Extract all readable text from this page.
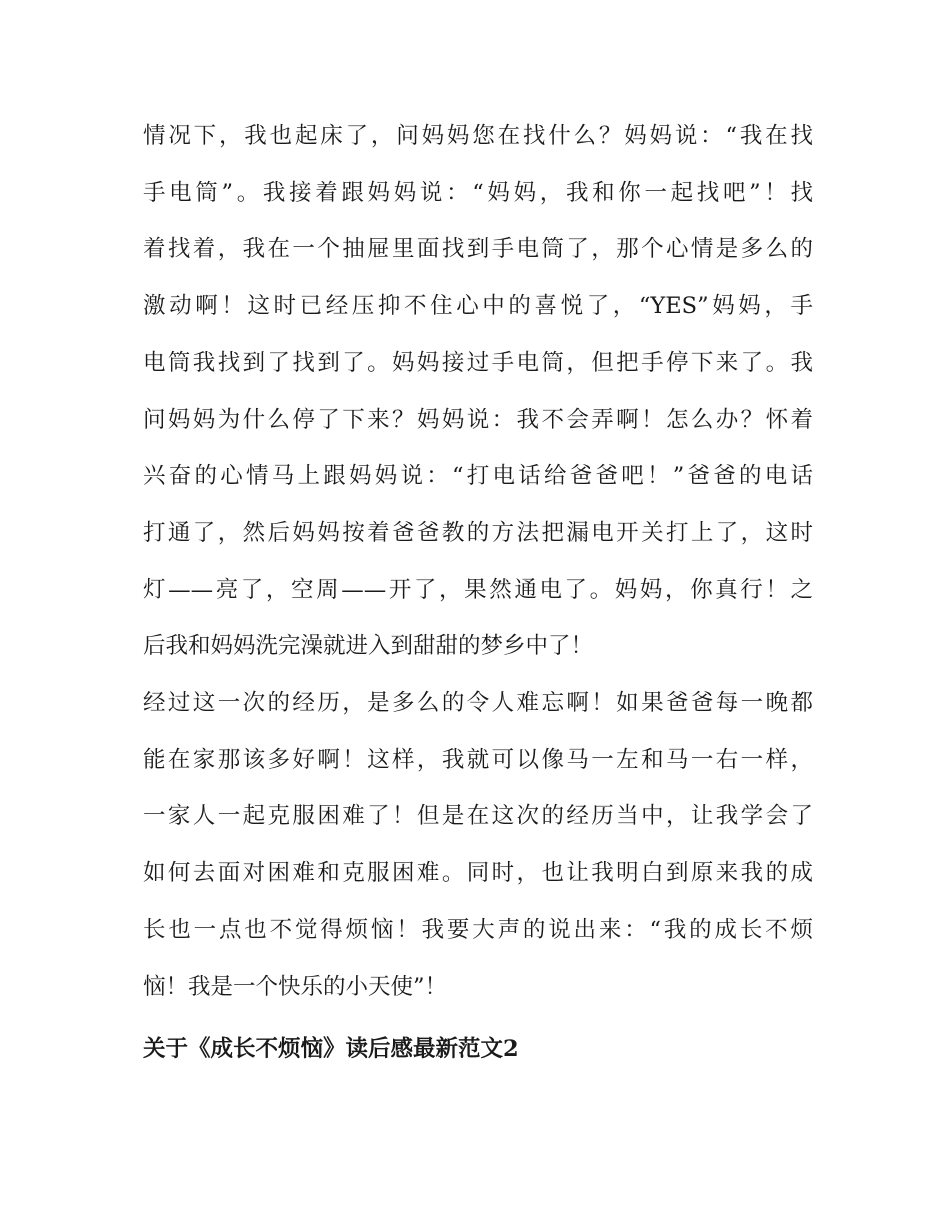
情况下，我也起床了，问妈妈您在找什么？妈妈说：“我在找
手电筒”。我接着跟妈妈说：“妈妈，我和你一起找吧”！找
着找着，我在一个抽屉里面找到手电筒了，那个心情是多么的
激动啊！这时已经压抑不住心中的喜悦了，“YES”妈妈，手
电筒我找到了找到了。妈妈接过手电筒，但把手停下来了。我
问妈妈为什么停了下来？妈妈说：我不会弄啊！怎么办？怀着
兴奋的心情马上跟妈妈说：“打电话给爸爸吧！”爸爸的电话
打通了，然后妈妈按着爸爸教的方法把漏电开关打上了，这时
灯——亮了，空周——开了，果然通电了。妈妈，你真行！之
后我和妈妈洗完澡就进入到甜甜的梦乡中了！
经过这一次的经历，是多么的令人难忘啊！如果爸爸每一晚都
能在家那该多好啊！这样，我就可以像马一左和马一右一样，
一家人一起克服困难了！但是在这次的经历当中，让我学会了
如何去面对困难和克服困难。同时，也让我明白到原来我的成
长也一点也不觉得烦恼！我要大声的说出来：“我的成长不烦
恼！我是一个快乐的小天使”！
关于《成长不烦恼》读后感最新范文2
